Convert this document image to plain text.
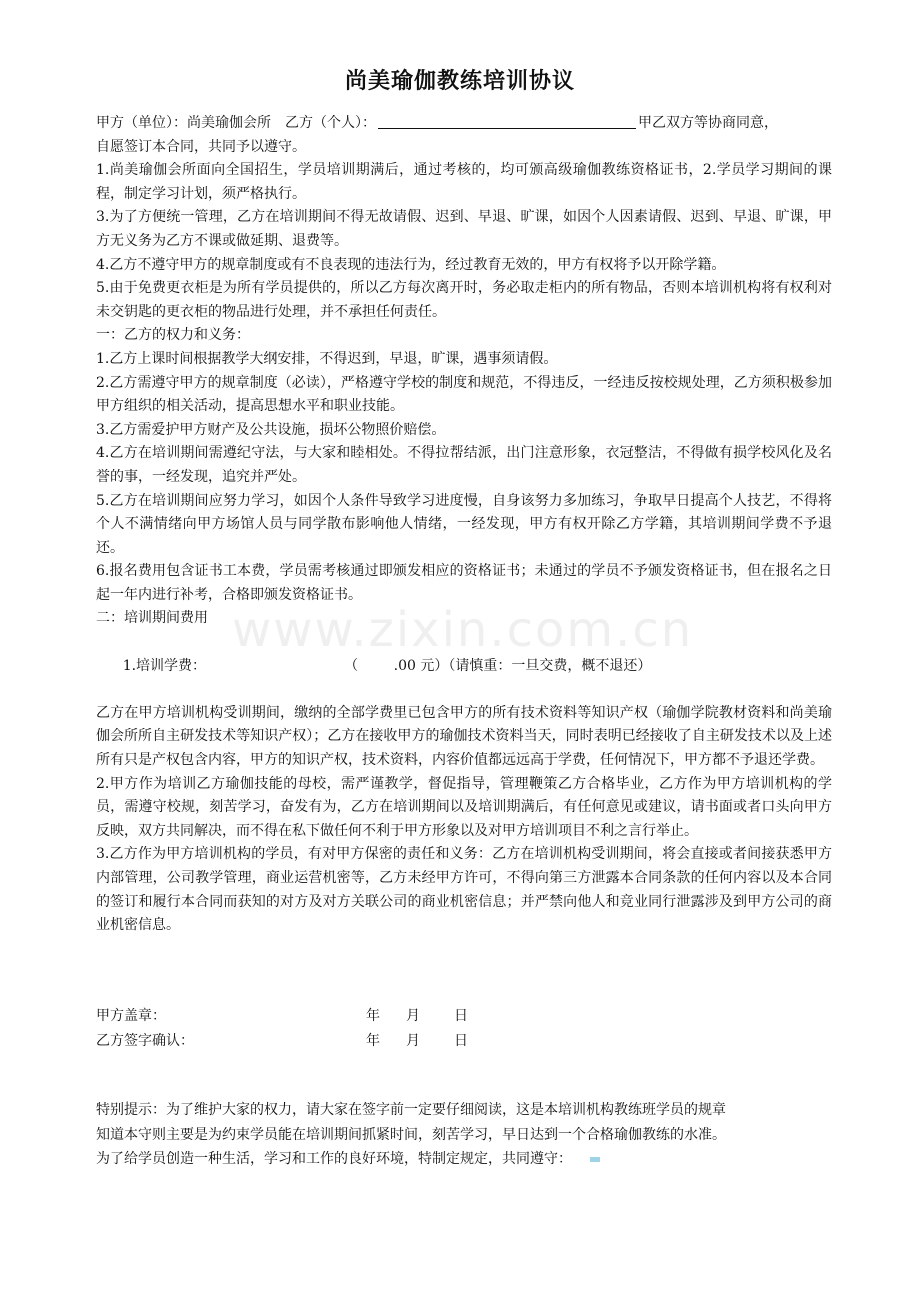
www.zixin.com.cn
尚美瑜伽教练培训协议

甲方（单位）：尚美瑜伽会所 乙方（个人）：	甲乙双方等协商同意，

自愿签订本合同，共同予以遵守。

1.尚美瑜伽会所面向全国招生，学员培训期满后，通过考核的，均可颁高级瑜伽教练资格证书，2.学员学习期间的课程，制定学习计划，须严格执行。

3.为了方便统一管理，乙方在培训期间不得无故请假、迟到、早退、旷课，如因个人因素请假、迟到、早退、旷课，甲方无义务为乙方不课或做延期、退费等。

4.乙方不遵守甲方的规章制度或有不良表现的违法行为，经过教育无效的，甲方有权将予以开除学籍。

5.由于免费更衣柜是为所有学员提供的，所以乙方每次离开时，务必取走柜内的所有物品，否则本培训机构将有权利对未交钥匙的更衣柜的物品进行处理，并不承担任何责任。

一：乙方的权力和义务：

1.乙方上课时间根据教学大纲安排，不得迟到，早退，旷课，遇事须请假。

2.乙方需遵守甲方的规章制度（必读），严格遵守学校的制度和规范，不得违反，一经违反按校规处理，乙方须积极参加甲方组织的相关活动，提高思想水平和职业技能。

3.乙方需爱护甲方财产及公共设施，损坏公物照价赔偿。

4.乙方在培训期间需遵纪守法，与大家和睦相处。不得拉帮结派，出门注意形象，衣冠整洁，不得做有损学校风化及名誉的事，一经发现，追究并严处。

5.乙方在培训期间应努力学习，如因个人条件导致学习进度慢，自身该努力多加练习，争取早日提高个人技艺，不得将个人不满情绪向甲方场馆人员与同学散布影响他人情绪，一经发现，甲方有权开除乙方学籍，其培训期间学费不予退还。

6.报名费用包含证书工本费，学员需考核通过即颁发相应的资格证书；未通过的学员不予颁发资格证书，但在报名之日起一年内进行补考，合格即颁发资格证书。

二：培训期间费用

1.培训学费：	（        .00 元）（请慎重：一旦交费，概不退还）

乙方在甲方培训机构受训期间，缴纳的全部学费里已包含甲方的所有技术资料等知识产权（瑜伽学院教材资料和尚美瑜伽会所所自主研发技术等知识产权）；乙方在接收甲方的瑜伽技术资料当天，同时表明已经接收了自主研发技术以及上述所有只是产权包含内容，甲方的知识产权，技术资料，内容价值都远远高于学费，任何情况下，甲方都不予退还学费。

2.甲方作为培训乙方瑜伽技能的母校，需严谨教学，督促指导，管理鞭策乙方合格毕业，乙方作为甲方培训机构的学员，需遵守校规，刻苦学习，奋发有为，乙方在培训期间以及培训期满后，有任何意见或建议，请书面或者口头向甲方反映，双方共同解决，而不得在私下做任何不利于甲方形象以及对甲方培训项目不利之言行举止。

3.乙方作为甲方培训机构的学员，有对甲方保密的责任和义务：乙方在培训机构受训期间，将会直接或者间接获悉甲方内部管理，公司教学管理，商业运营机密等，乙方未经甲方许可，不得向第三方泄露本合同条款的任何内容以及本合同的签订和履行本合同而获知的对方及对方关联公司的商业机密信息；并严禁向他人和竞业同行泄露涉及到甲方公司的商业机密信息。

甲方盖章：	年 月 日
乙方签字确认：	年 月 日

特别提示：为了维护大家的权力，请大家在签字前一定要仔细阅读，这是本培训机构教练班学员的规章

知道本守则主要是为约束学员能在培训期间抓紧时间，刻苦学习，早日达到一个合格瑜伽教练的水准。

为了给学员创造一种生活，学习和工作的良好环境，特制定规定，共同遵守：
